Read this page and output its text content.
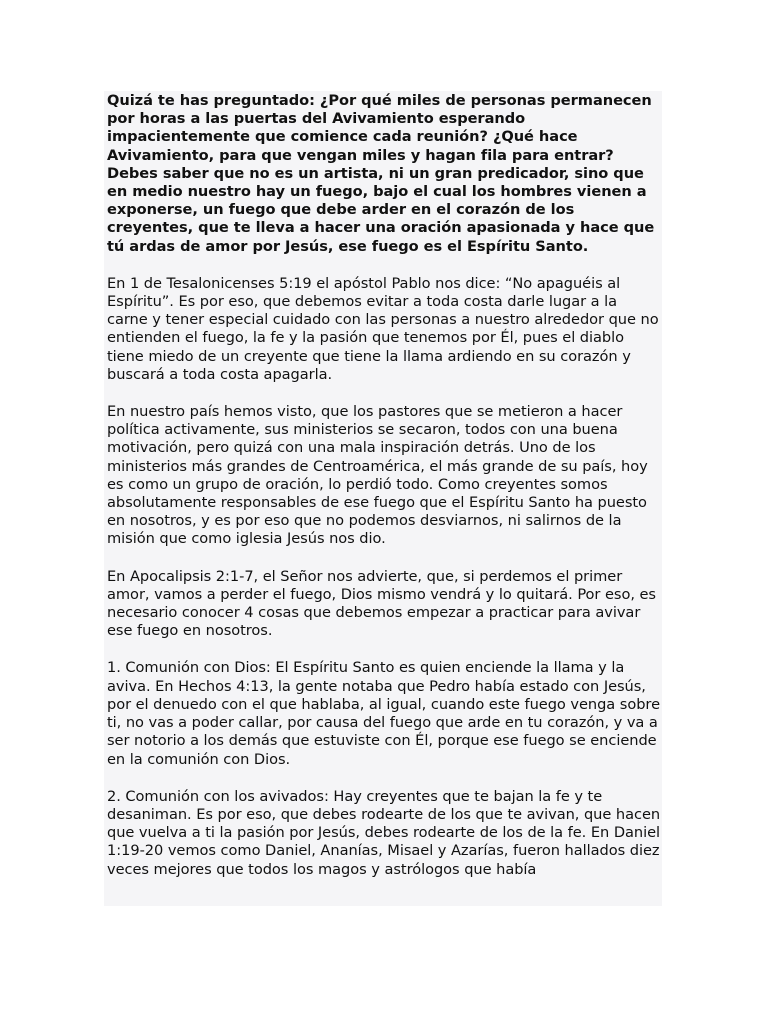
Quizá te has preguntado: ¿Por qué miles de personas permanecen por horas a las puertas del Avivamiento esperando impacientemente que comience cada reunión? ¿Qué hace Avivamiento, para que vengan miles y hagan fila para entrar? Debes saber que no es un artista, ni un gran predicador, sino que en medio nuestro hay un fuego, bajo el cual los hombres vienen a exponerse, un fuego que debe arder en el corazón de los creyentes, que te lleva a hacer una oración apasionada y hace que tú ardas de amor por Jesús, ese fuego es el Espíritu Santo.

En 1 de Tesalonicenses 5:19 el apóstol Pablo nos dice: “No apaguéis al Espíritu”. Es por eso, que debemos evitar a toda costa darle lugar a la carne y tener especial cuidado con las personas a nuestro alrededor que no entienden el fuego, la fe y la pasión que tenemos por Él, pues el diablo tiene miedo de un creyente que tiene la llama ardiendo en su corazón y buscará a toda costa apagarla.

En nuestro país hemos visto, que los pastores que se metieron a hacer política activamente, sus ministerios se secaron, todos con una buena motivación, pero quizá con una mala inspiración detrás. Uno de los ministerios más grandes de Centroamérica, el más grande de su país, hoy es como un grupo de oración, lo perdió todo. Como creyentes somos absolutamente responsables de ese fuego que el Espíritu Santo ha puesto en nosotros, y es por eso que no podemos desviarnos, ni salirnos de la misión que como iglesia Jesús nos dio.

En Apocalipsis 2:1-7, el Señor nos advierte, que, si perdemos el primer amor, vamos a perder el fuego, Dios mismo vendrá y lo quitará. Por eso, es necesario conocer 4 cosas que debemos empezar a practicar para avivar ese fuego en nosotros.

1. Comunión con Dios: El Espíritu Santo es quien enciende la llama y la aviva. En Hechos 4:13, la gente notaba que Pedro había estado con Jesús, por el denuedo con el que hablaba, al igual, cuando este fuego venga sobre ti, no vas a poder callar, por causa del fuego que arde en tu corazón, y va a ser notorio a los demás que estuviste con Él, porque ese fuego se enciende en la comunión con Dios.

2. Comunión con los avivados: Hay creyentes que te bajan la fe y te desaniman. Es por eso, que debes rodearte de los que te avivan, que hacen que vuelva a ti la pasión por Jesús, debes rodearte de los de la fe. En Daniel 1:19-20 vemos como Daniel, Ananías, Misael y Azarías, fueron hallados diez veces mejores que todos los magos y astrólogos que había
